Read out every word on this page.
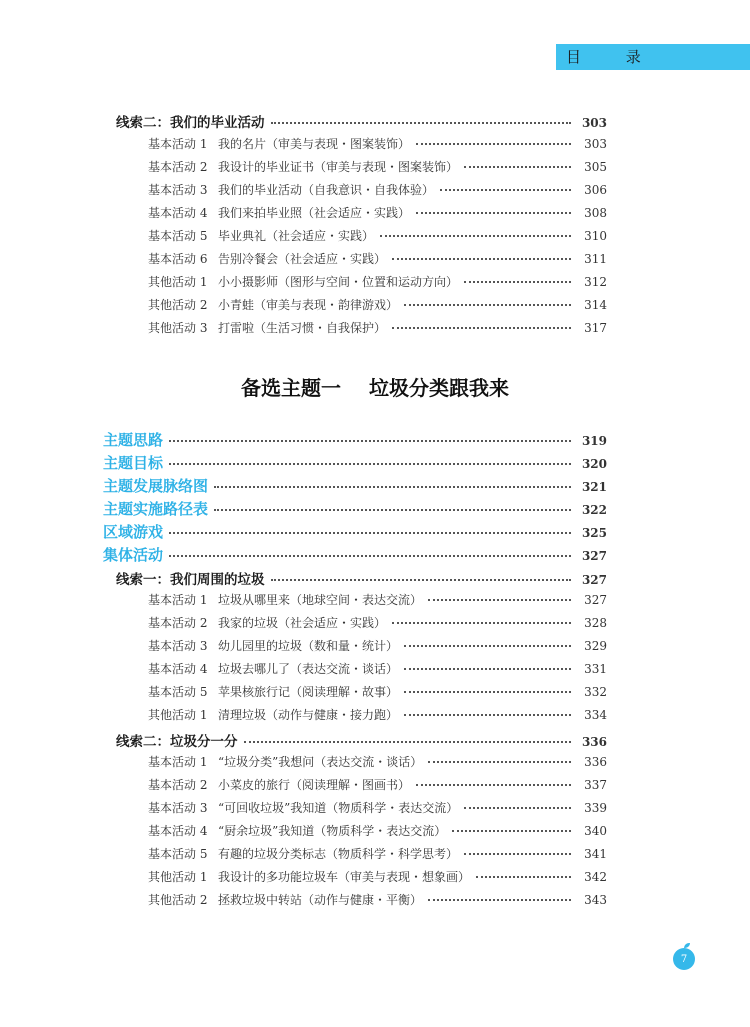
目 录
线索二：我们的毕业活动	303
基本活动 1 我的名片（审美与表现・图案装饰）	303
基本活动 2 我设计的毕业证书（审美与表现・图案装饰）	305
基本活动 3 我们的毕业活动（自我意识・自我体验）	306
基本活动 4 我们来拍毕业照（社会适应・实践）	308
基本活动 5 毕业典礼（社会适应・实践）	310
基本活动 6 告别冷餐会（社会适应・实践）	311
其他活动 1 小小摄影师（图形与空间・位置和运动方向）	312
其他活动 2 小青蛙（审美与表现・韵律游戏）	314
其他活动 3 打雷啦（生活习惯・自我保护）	317
备选主题一 垃圾分类跟我来
主题思路	319
主题目标	320
主题发展脉络图	321
主题实施路径表	322
区域游戏	325
集体活动	327
线索一：我们周围的垃圾	327
基本活动 1 垃圾从哪里来（地球空间・表达交流）	327
基本活动 2 我家的垃圾（社会适应・实践）	328
基本活动 3 幼儿园里的垃圾（数和量・统计）	329
基本活动 4 垃圾去哪儿了（表达交流・谈话）	331
基本活动 5 苹果核旅行记（阅读理解・故事）	332
其他活动 1 清理垃圾（动作与健康・接力跑）	334
线索二：垃圾分一分	336
基本活动 1 “垃圾分类”我想问（表达交流・谈话）	336
基本活动 2 小菜皮的旅行（阅读理解・图画书）	337
基本活动 3 “可回收垃圾”我知道（物质科学・表达交流）	339
基本活动 4 “厨余垃圾”我知道（物质科学・表达交流）	340
基本活动 5 有趣的垃圾分类标志（物质科学・科学思考）	341
其他活动 1 我设计的多功能垃圾车（审美与表现・想象画）	342
其他活动 2 拯救垃圾中转站（动作与健康・平衡）	343
7
